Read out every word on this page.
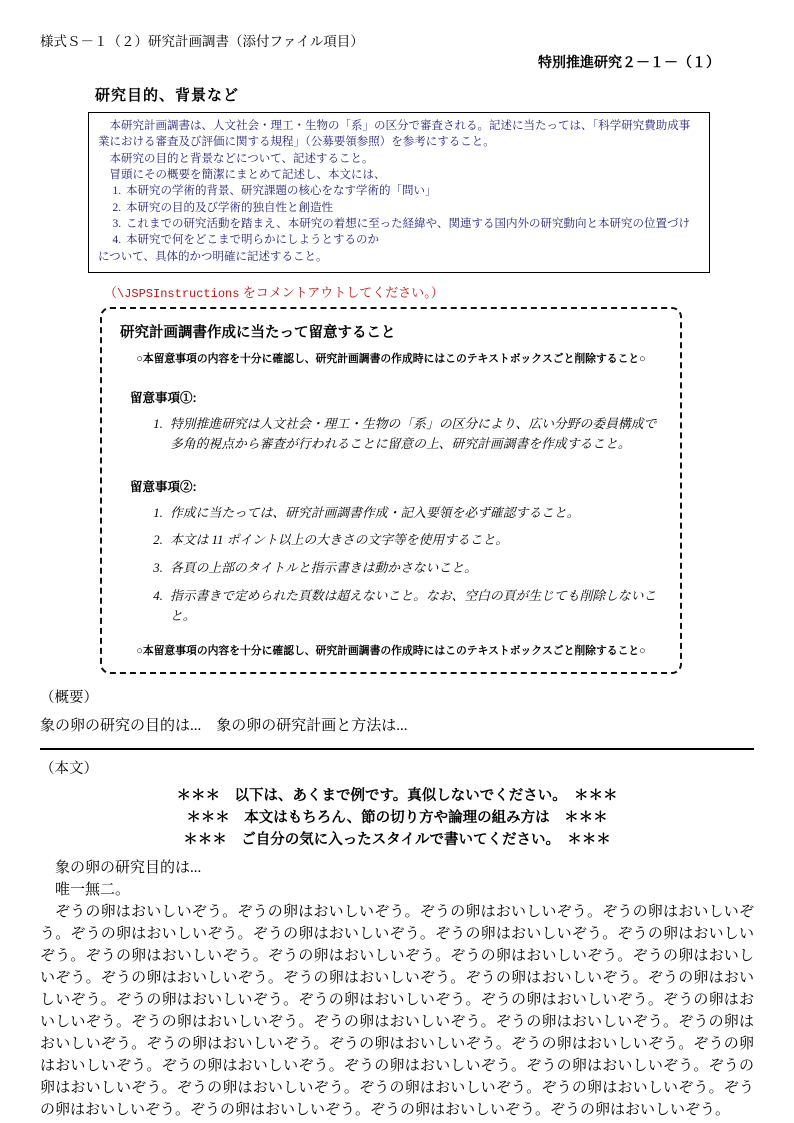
様式Ｓ－１（２）研究計画調書（添付ファイル項目）
特別推進研究２－１－（１）
研究目的、背景など

　本研究計画調書は、人文社会・理工・生物の「系」の区分で審査される。記述に当たっては、「科学研究費助成事業における審査及び評価に関する規程」（公募要領参照）を参考にすること。

　本研究の目的と背景などについて、記述すること。

　冒頭にその概要を簡潔にまとめて記述し、本文には、

1. 本研究の学術的背景、研究課題の核心をなす学術的「問い」
2. 本研究の目的及び学術的独自性と創造性
3. これまでの研究活動を踏まえ、本研究の着想に至った経緯や、関連する国内外の研究動向と本研究の位置づけ
4. 本研究で何をどこまで明らかにしようとするのか

について、具体的かつ明確に記述すること。

（\JSPSInstructions をコメントアウトしてください。）

研究計画調書作成に当たって留意すること
○本留意事項の内容を十分に確認し、研究計画調書の作成時にはこのテキストボックスごと削除すること○
留意事項①:
1. 特別推進研究は人文社会・理工・生物の「系」の区分により、広い分野の委員構成で多角的視点から審査が行われることに留意の上、研究計画調書を作成すること。
留意事項②:
1. 作成に当たっては、研究計画調書作成・記入要領を必ず確認すること。
2. 本文は 11 ポイント以上の大きさの文字等を使用すること。
3. 各頁の上部のタイトルと指示書きは動かさないこと。
4. 指示書きで定められた頁数は超えないこと。なお、空白の頁が生じても削除しないこと。
○本留意事項の内容を十分に確認し、研究計画調書の作成時にはこのテキストボックスごと削除すること○
（概要）

象の卵の研究の目的は...　象の卵の研究計画と方法は...

（本文）
＊＊＊　以下は、あくまで例です。真似しないでください。　＊＊＊
＊＊＊　本文はもちろん、節の切り方や論理の組み方は　＊＊＊
＊＊＊　ご自分の気に入ったスタイルで書いてください。　＊＊＊

象の卵の研究目的は...

唯一無二。

ぞうの卵はおいしいぞう。ぞうの卵はおいしいぞう。ぞうの卵はおいしいぞう。ぞうの卵はおいしいぞう。ぞうの卵はおいしいぞう。ぞうの卵はおいしいぞう。ぞうの卵はおいしいぞう。ぞうの卵はおいしいぞう。ぞうの卵はおいしいぞう。ぞうの卵はおいしいぞう。ぞうの卵はおいしいぞう。ぞうの卵はおいしいぞう。ぞうの卵はおいしいぞう。ぞうの卵はおいしいぞう。ぞうの卵はおいしいぞう。ぞうの卵はおいしいぞう。ぞうの卵はおいしいぞう。ぞうの卵はおいしいぞう。ぞうの卵はおいしいぞう。ぞうの卵はおいしいぞう。ぞうの卵はおいしいぞう。ぞうの卵はおいしいぞう。ぞうの卵はおいしいぞう。ぞうの卵はおいしいぞう。ぞうの卵はおいしいぞう。ぞうの卵はおいしいぞう。ぞうの卵はおいしいぞう。ぞうの卵はおいしいぞう。ぞうの卵はおいしいぞう。ぞうの卵はおいしいぞう。ぞうの卵はおいしいぞう。ぞうの卵はおいしいぞう。ぞうの卵はおいしいぞう。ぞうの卵はおいしいぞう。ぞうの卵はおいしいぞう。ぞうの卵はおいしいぞう。ぞうの卵はおいしいぞう。ぞうの卵はおいしいぞう。ぞうの卵はおいしいぞう。
